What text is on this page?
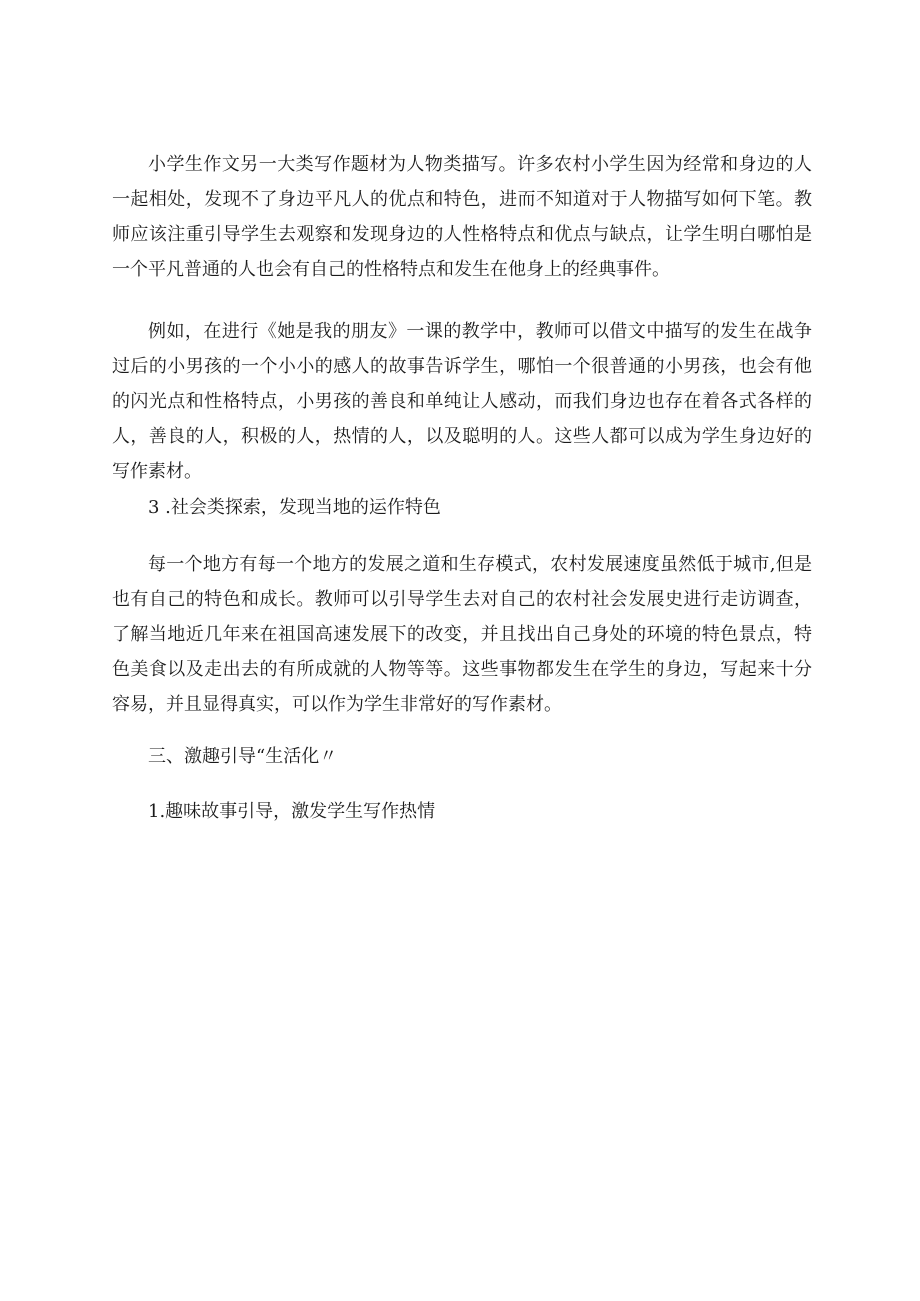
小学生作文另一大类写作题材为人物类描写。许多农村小学生因为经常和身边的人一起相处，发现不了身边平凡人的优点和特色，进而不知道对于人物描写如何下笔。教师应该注重引导学生去观察和发现身边的人性格特点和优点与缺点，让学生明白哪怕是一个平凡普通的人也会有自己的性格特点和发生在他身上的经典事件。

例如，在进行《她是我的朋友》一课的教学中，教师可以借文中描写的发生在战争过后的小男孩的一个小小的感人的故事告诉学生，哪怕一个很普通的小男孩，也会有他的闪光点和性格特点，小男孩的善良和单纯让人感动，而我们身边也存在着各式各样的人，善良的人，积极的人，热情的人，以及聪明的人。这些人都可以成为学生身边好的写作素材。

3 .社会类探索，发现当地的运作特色

每一个地方有每一个地方的发展之道和生存模式，农村发展速度虽然低于城市,但是也有自己的特色和成长。教师可以引导学生去对自己的农村社会发展史进行走访调查，了解当地近几年来在祖国高速发展下的改变，并且找出自己身处的环境的特色景点，特色美食以及走出去的有所成就的人物等等。这些事物都发生在学生的身边，写起来十分容易，并且显得真实，可以作为学生非常好的写作素材。

三、激趣引导“生活化〃

1.趣味故事引导，激发学生写作热情
